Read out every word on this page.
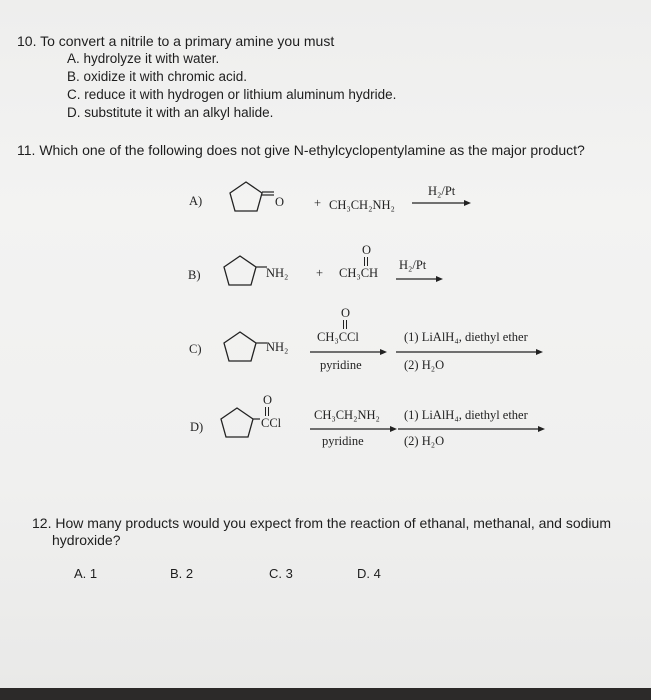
10. To convert a nitrile to a primary amine you must
A. hydrolyze it with water.
B. oxidize it with chromic acid.
C. reduce it with hydrogen or lithium aluminum hydride.
D. substitute it with an alkyl halide.
11. Which one of the following does not give N-ethylcyclopentylamine as the major product?
A)	O + CH₃CH₂NH₂
H₂/Pt
B)	NH₂ +
O
CH₃CH
H₂/Pt
C)	NH₂
O
CH₃CCl
pyridine
(1) LiAlH₄, diethyl ether
(2) H₂O
D)
O
CCl
CH₃CH₂NH₂
pyridine
(1) LiAlH₄, diethyl ether
(2) H₂O
12. How many products would you expect from the reaction of ethanal, methanal, and sodium
hydroxide?
A. 1	B. 2	C. 3	D. 4
